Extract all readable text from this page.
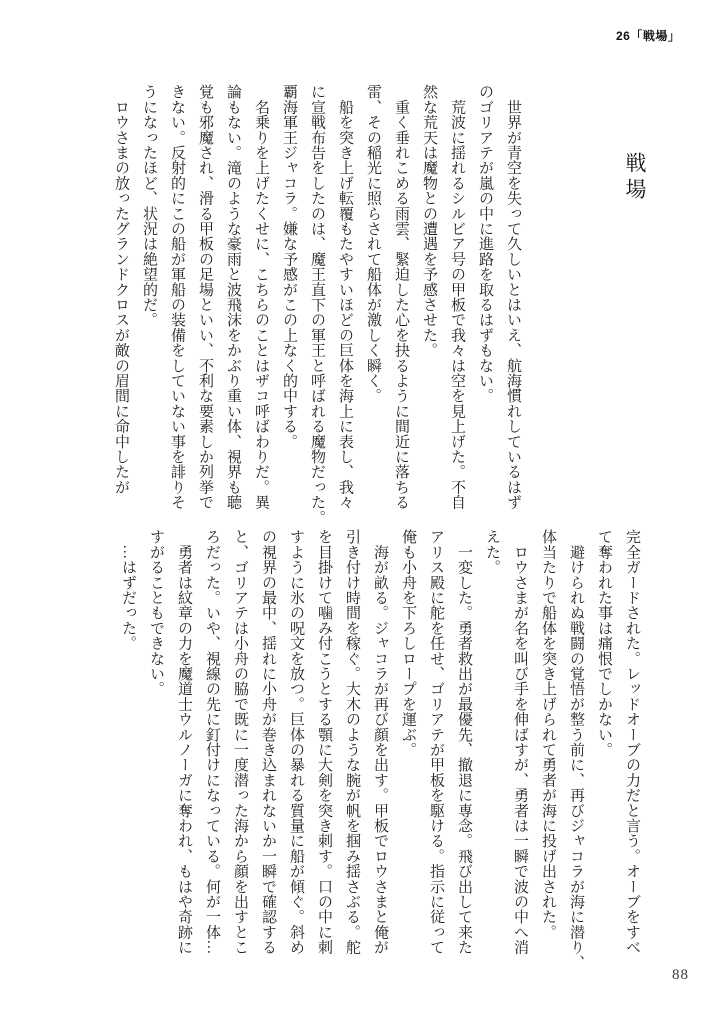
26「戦場」
戦場
　世界が青空を失って久しいとはいえ、航海慣れしているはず
のゴリアテが嵐の中に進路を取るはずもない。
　荒波に揺れるシルビア号の甲板で我々は空を見上げた。不自
然な荒天は魔物との遭遇を予感させた。
　重く垂れこめる雨雲、緊迫した心を抉るように間近に落ちる
雷、その稲光に照らされて船体が激しく瞬く。
　船を突き上げ転覆もたやすいほどの巨体を海上に表し、我々
に宣戦布告をしたのは、魔王直下の軍王と呼ばれる魔物だった。
覇海軍王ジャコラ。嫌な予感がこの上なく的中する。
　名乗りを上げたくせに、こちらのことはザコ呼ばわりだ。異
論もない。滝のような豪雨と波飛沫をかぶり重い体、視界も聴
覚も邪魔され、滑る甲板の足場といい、不利な要素しか列挙で
きない。反射的にこの船が軍船の装備をしていない事を誹りそ
うになったほど、状況は絶望的だ。
　ロウさまの放ったグランドクロスが敵の眉間に命中したが
完全ガードされた。レッドオーブの力だと言う。オーブをすべ
て奪われた事は痛恨でしかない。
　避けられぬ戦闘の覚悟が整う前に、再びジャコラが海に潜り、
体当たりで船体を突き上げられて勇者が海に投げ出された。
　ロウさまが名を叫び手を伸ばすが、勇者は一瞬で波の中へ消
えた。
　一変した。勇者救出が最優先、撤退に専念。飛び出して来た
アリス殿に舵を任せ、ゴリアテが甲板を駆ける。指示に従って
俺も小舟を下ろしロープを運ぶ。
　海が畝る。ジャコラが再び顔を出す。甲板でロウさまと俺が
引き付け時間を稼ぐ。大木のような腕が帆を掴み揺さぶる。舵
を目掛けて噛み付こうとする顎に大剣を突き刺す。口の中に刺
すように氷の呪文を放つ。巨体の暴れる質量に船が傾ぐ。斜め
の視界の最中、揺れに小舟が巻き込まれないか一瞬で確認する
と、ゴリアテは小舟の脇で既に一度潜った海から顔を出すとこ
ろだった。いや、視線の先に釘付けになっている。何が一体…
　勇者は紋章の力を魔道士ウルノーガに奪われ、もはや奇跡に
すがることもできない。
　…はずだった。
88
